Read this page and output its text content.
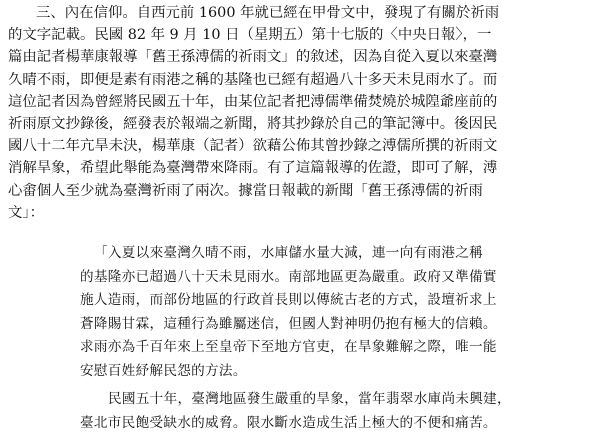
三、內在信仰。自西元前 1600 年就已經在甲骨文中，發現了有關於祈雨
的文字記載。民國 82 年 9 月 10 日（星期五）第十七版的〈中央日報〉，一
篇由記者楊華康報導「舊王孫溥儒的祈雨文」的敘述，因為自從入夏以來臺灣
久晴不雨，即便是素有雨港之稱的基隆也已經有超過八十多天未見雨水了。而
這位記者因為曾經將民國五十年，由某位記者把溥儒準備焚燒於城隍爺座前的
祈雨原文抄錄後，經發表於報端之新聞，將其抄錄於自己的筆記簿中。後因民
國八十二年亢旱未決，楊華康（記者）欲藉公佈其曾抄錄之溥儒所撰的祈雨文
消解旱象，希望此舉能為臺灣帶來降雨。有了這篇報導的佐證，即可了解，溥
心畬個人至少就為臺灣祈雨了兩次。據當日報載的新聞「舊王孫溥儒的祈雨
文」：

「入夏以來臺灣久晴不雨，水庫儲水量大減，連一向有雨港之稱
的基隆亦已超過八十天未見雨水。南部地區更為嚴重。政府又準備實
施人造雨，而部份地區的行政首長則以傳統古老的方式，設壇祈求上
蒼降賜甘霖，這種行為雖屬迷信，但國人對神明仍抱有極大的信賴。
求雨亦為千百年來上至皇帝下至地方官吏，在旱象難解之際，唯一能
安慰百姓紓解民怨的方法。

民國五十年，臺灣地區發生嚴重的旱象，當年翡翠水庫尚未興建，
臺北市民飽受缺水的威脅。限水斷水造成生活上極大的不便和痛苦。
